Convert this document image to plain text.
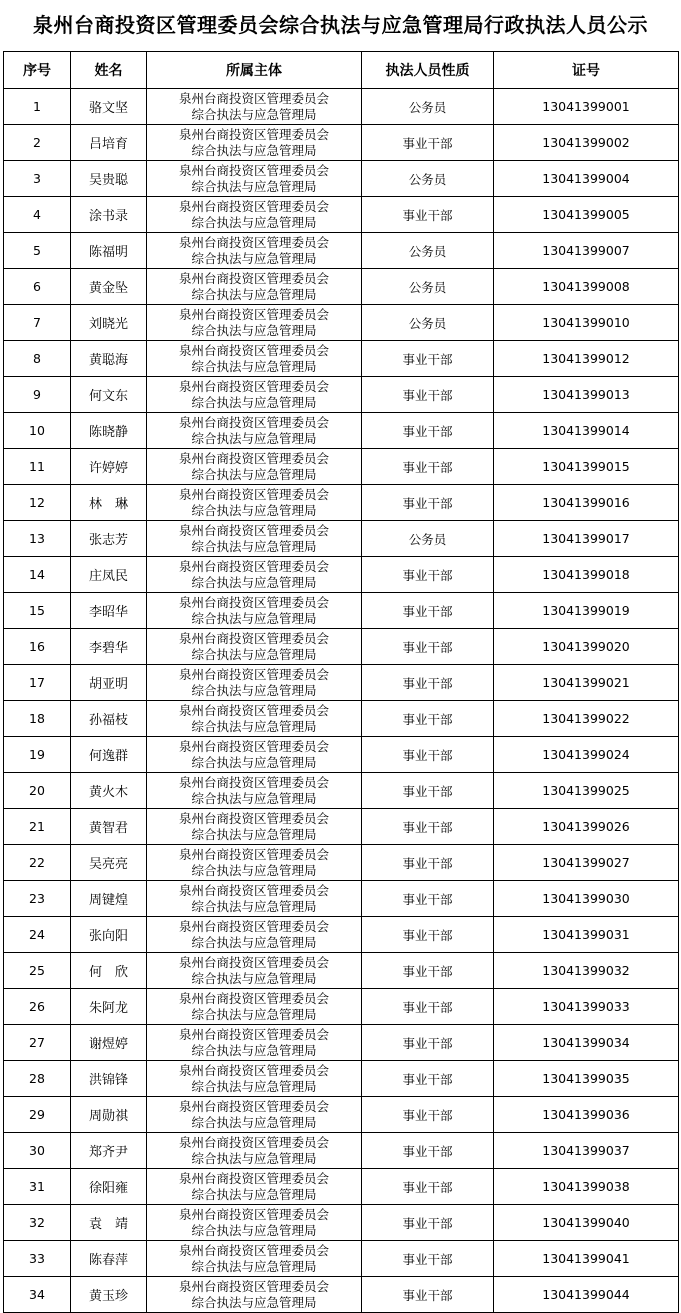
泉州台商投资区管理委员会综合执法与应急管理局行政执法人员公示
序号	姓名	所属主体	执法人员性质	证号
1	骆文坚	泉州台商投资区管理委员会
综合执法与应急管理局	公务员	13041399001
2	吕培育	泉州台商投资区管理委员会
综合执法与应急管理局	事业干部	13041399002
3	吴贵聪	泉州台商投资区管理委员会
综合执法与应急管理局	公务员	13041399004
4	涂书录	泉州台商投资区管理委员会
综合执法与应急管理局	事业干部	13041399005
5	陈福明	泉州台商投资区管理委员会
综合执法与应急管理局	公务员	13041399007
6	黄金坠	泉州台商投资区管理委员会
综合执法与应急管理局	公务员	13041399008
7	刘晓光	泉州台商投资区管理委员会
综合执法与应急管理局	公务员	13041399010
8	黄聪海	泉州台商投资区管理委员会
综合执法与应急管理局	事业干部	13041399012
9	何文东	泉州台商投资区管理委员会
综合执法与应急管理局	事业干部	13041399013
10	陈晓静	泉州台商投资区管理委员会
综合执法与应急管理局	事业干部	13041399014
11	许婷婷	泉州台商投资区管理委员会
综合执法与应急管理局	事业干部	13041399015
12	林　琳	泉州台商投资区管理委员会
综合执法与应急管理局	事业干部	13041399016
13	张志芳	泉州台商投资区管理委员会
综合执法与应急管理局	公务员	13041399017
14	庄凤民	泉州台商投资区管理委员会
综合执法与应急管理局	事业干部	13041399018
15	李昭华	泉州台商投资区管理委员会
综合执法与应急管理局	事业干部	13041399019
16	李碧华	泉州台商投资区管理委员会
综合执法与应急管理局	事业干部	13041399020
17	胡亚明	泉州台商投资区管理委员会
综合执法与应急管理局	事业干部	13041399021
18	孙福枝	泉州台商投资区管理委员会
综合执法与应急管理局	事业干部	13041399022
19	何逸群	泉州台商投资区管理委员会
综合执法与应急管理局	事业干部	13041399024
20	黄火木	泉州台商投资区管理委员会
综合执法与应急管理局	事业干部	13041399025
21	黄智君	泉州台商投资区管理委员会
综合执法与应急管理局	事业干部	13041399026
22	吴亮亮	泉州台商投资区管理委员会
综合执法与应急管理局	事业干部	13041399027
23	周键煌	泉州台商投资区管理委员会
综合执法与应急管理局	事业干部	13041399030
24	张向阳	泉州台商投资区管理委员会
综合执法与应急管理局	事业干部	13041399031
25	何　欣	泉州台商投资区管理委员会
综合执法与应急管理局	事业干部	13041399032
26	朱阿龙	泉州台商投资区管理委员会
综合执法与应急管理局	事业干部	13041399033
27	谢煜婷	泉州台商投资区管理委员会
综合执法与应急管理局	事业干部	13041399034
28	洪锦锋	泉州台商投资区管理委员会
综合执法与应急管理局	事业干部	13041399035
29	周勋祺	泉州台商投资区管理委员会
综合执法与应急管理局	事业干部	13041399036
30	郑齐尹	泉州台商投资区管理委员会
综合执法与应急管理局	事业干部	13041399037
31	徐阳雍	泉州台商投资区管理委员会
综合执法与应急管理局	事业干部	13041399038
32	袁　靖	泉州台商投资区管理委员会
综合执法与应急管理局	事业干部	13041399040
33	陈春萍	泉州台商投资区管理委员会
综合执法与应急管理局	事业干部	13041399041
34	黄玉珍	泉州台商投资区管理委员会
综合执法与应急管理局	事业干部	13041399044
